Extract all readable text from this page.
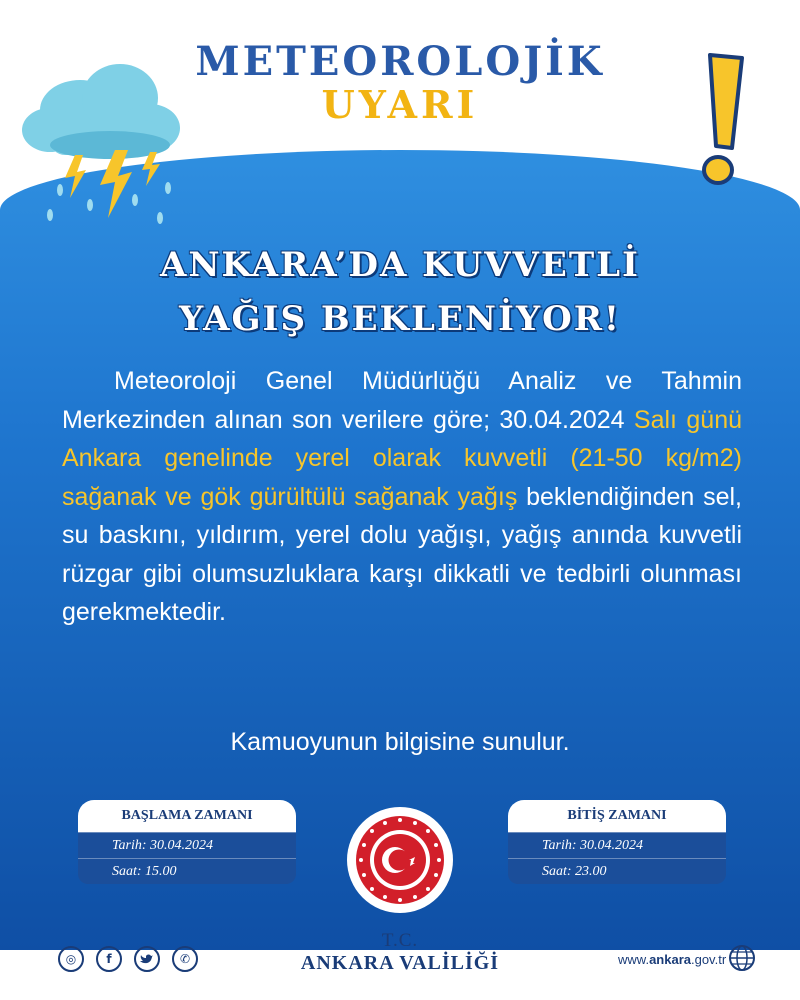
METEOROLOJİK
UYARI
ANKARA’DA KUVVETLİ
YAĞIŞ BEKLENİYOR!

Meteoroloji Genel Müdürlüğü Analiz ve Tahmin Merkezinden alınan son verilere göre; 30.04.2024 Salı günü Ankara genelinde yerel olarak kuvvetli (21-50 kg/m2) sağanak ve gök gürültülü sağanak yağış beklendiğinden sel, su baskını, yıldırım, yerel dolu yağışı, yağış anında kuvvetli rüzgar gibi olumsuzluklara karşı dikkatli ve tedbirli olunması gerekmektedir.

Kamuoyunun bilgisine sunulur.
BAŞLAMA ZAMANI
Tarih: 30.04.2024
Saat: 15.00
BİTİŞ ZAMANI
Tarih: 30.04.2024
Saat: 23.00
T.C.
ANKARA VALİLİĞİ
◎	f	✆	www.ankara.gov.tr
